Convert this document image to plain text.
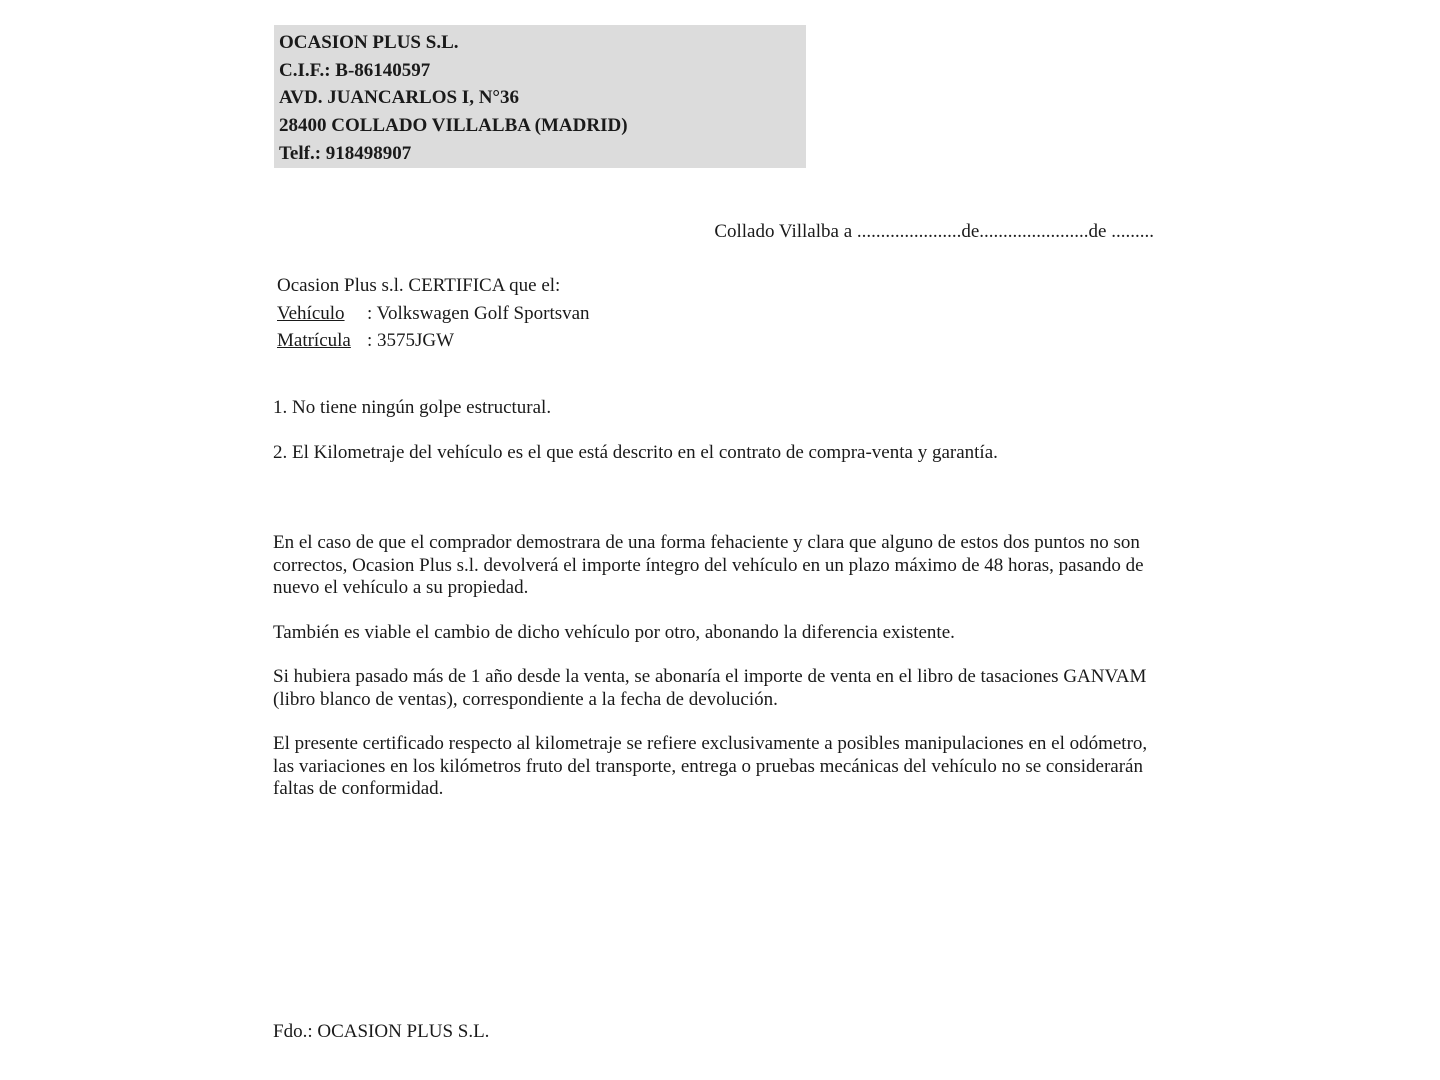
OCASION PLUS S.L.
C.I.F.: B-86140597
AVD. JUANCARLOS I, N°36
28400 COLLADO VILLALBA (MADRID)
Telf.: 918498907
Collado Villalba a ......................de.......................de .........
Ocasion Plus s.l. CERTIFICA que el:
Vehículo : Volkswagen Golf Sportsvan
Matrícula : 3575JGW
1. No tiene ningún golpe estructural.
2. El Kilometraje del vehículo es el que está descrito en el contrato de compra-venta y garantía.

En el caso de que el comprador demostrara de una forma fehaciente y clara que alguno de estos dos puntos no son correctos, Ocasion Plus s.l. devolverá el importe íntegro del vehículo en un plazo máximo de 48 horas, pasando de nuevo el vehículo a su propiedad.

También es viable el cambio de dicho vehículo por otro, abonando la diferencia existente.

Si hubiera pasado más de 1 año desde la venta, se abonaría el importe de venta en el libro de tasaciones GANVAM (libro blanco de ventas), correspondiente a la fecha de devolución.

El presente certificado respecto al kilometraje se refiere exclusivamente a posibles manipulaciones en el odómetro, las variaciones en los kilómetros fruto del transporte, entrega o pruebas mecánicas del vehículo no se considerarán faltas de conformidad.

Fdo.: OCASION PLUS S.L.
